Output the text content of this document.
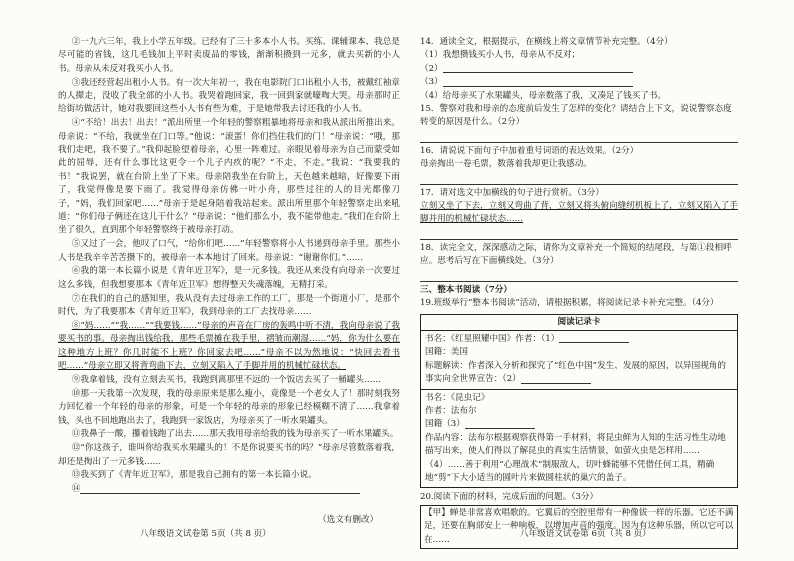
②一九六三年，我上小学五年级。已经有了三十多本小人书。买练、课辅课本、我总是尽可能的省钱，这几毛钱加上平时卖废品的零钱，渐渐积攒到一元多，就去买新的小人书。母亲从未反对我买小人书。

③我还经营起出租小人书。有一次大年初一，我在电影院门口出租小人书，被戴红袖章的人撵走，没收了我全部的小人书。我哭着跑回家，我一回到家就嚎啕大哭。母亲那时正给街坊做活计，她对我要回这些小人书有些为难，于是她带我去讨还我的小人书。

④“不给！出去！出去！”派出所里一个年轻的警察粗暴地将母亲和我从派出所推出来。母亲说：“不给，我就坐在门口等。”他说：“滚蛋！你们挡住我们的门！”母亲说：“哦，那我们走吧，我不要了。”我仰起脸望着母亲，心里一阵难过。亲眼见着母亲为自己而蒙受如此的屈辱，还有什么事比这更令一个儿子内疚的呢？“不走，不走。”我说：“我要我的书！”我说罢，就在台阶上坐了下来。母亲陪我坐在台阶上，天色越来越暗，好像要下雨了，我觉得像是要下雨了。我觉得母亲仿佛一叶小舟，那些过往的人的目光都像刀子，“妈，我们回家吧……”母亲于是起身陪着我站起来。派出所里那个年轻警察走出来吼道：“你们母子俩还在这儿干什么？”母亲说：“他们那么小，我不能带他走。”我们在台阶上坐了很久，直到那个年轻警察终于被母亲打动。

⑤又过了一会，他叹了口气，“给你们吧……”年轻警察将小人书递到母亲手里。那些小人书是我辛辛苦苦攒下的，被母亲一本本地讨了回来。母亲说：“谢谢你们。”……

⑥我的第一本长篇小说是《青年近卫军》，是一元多钱。我还从来没有向母亲一次要过这么多钱，但我想要那本《青年近卫军》想得整天失魂落魄，无精打采。

⑦在我们的自己的感知里，我从没有去过母亲工作的工厂，那是一个街道小厂，是那个时代，为了我要那本《青年近卫军》，我到母亲的工厂去找母亲……

⑧“妈……”“我……”“我要钱……”母亲的声音在厂房的轰鸣中听不清，我向母亲说了我要买书的事。母亲掏出钱给我，那些毛票摊在我手里，褶皱而潮湿……“妈，你为什么要在这种地方上班？你几时能不上班？你回家去吧……”母亲不以为然地说：“快回去看书吧……”母亲立即又将背弯曲下去，立刻又陷入了手脚并用的机械忙碌状态。

⑨我拿着钱，没有立刻去买书，我跑到离那里不远的一个饭店去买了一桶罐头……

⑩那一天我第一次发现，我的母亲原来是那么瘦小，竟像是一个老女人了！那时刻我努力回忆着一个年轻的母亲的形象，可是一个年轻的母亲的形象已经模糊不清了……我拿着钱，头也不回地跑出去了，我跑到一家饭店，为母亲买了一听水果罐头。

⑪我鼻子一酸，攥着钱跑了出去……那天我用母亲给我的钱为母亲买了一听水果罐头。

⑫“你这孩子，谁叫你给我买水果罐头的！不是你说要买书的吗？”母亲尽管数落着我，却还是掏出了一元多钱……

⑬我买到了《青年近卫军》，那是我自己拥有的第一本长篇小说。

⑭

（选文有删改）
八年级语文试卷第 5页（共 8 页）

14．通读全文，根据提示，在横线上将文章情节补充完整。（4分）

（1）我想攒钱买小人书，母亲从不反对；

（2）

（3）

（4）给母亲买了水果罐头，母亲数落了我，又凑足了钱买了书。

15．警察对我和母亲的态度前后发生了怎样的变化？请结合上下文，说说警察态度转变的原因是什么。（2分）

16．请说说下面句子中加着重号词语的表达效果。（2分）

母亲掏出一卷毛票，数落着我却更让我感动。

17．请对选文中加横线的句子进行赏析。（3分）

立刻又坐了下去，立刻又弯曲了背，立刻又将头俯向缝纫机板上了，立刻又陷入了手脚并用的机械忙碌状态……

18．读完全文，深深感动之际，请你为文章补充一个简短的结尾段，与第①段相呼应。思考后写在下面横线处。（3分）

三、整本书阅读（7分）

19.班级举行“整本书阅读”活动，请根据积累，将阅读记录卡补充完整。（4分）

阅读记录卡

书名：《红星照耀中国》作者：（1）

国籍：美国

标题解读：作者深入分析和探究了“红色中国”发生、发展的原因，以异国视角的事实向全世界宣告：（2）

书名：《昆虫记》

作者：法布尔

国籍（3）

作品内容：法布尔根据观察获得第一手材料，将昆虫鲜为人知的生活习性生动地描写出来，使人们得以了解昆虫的真实生活情景，如萤火虫是怎样用……（4）……善于利用“心理战术”制服敌人，切叶蜂能够不凭借任何工具，精确地“剪”下大小适当的圆叶片来做圆柱状的巢穴的盖子。

20.阅读下面的材料，完成后面的问题。（3分）

【甲】蝉是非常喜欢唱歌的。它翼后的空腔里带有一种像钹一样的乐器。它还不满足，还要在胸部安上一种响板，以增加声音的强度。因为有这种乐器，所以它可以在……

八年级语文试卷第 6页（共 8 页）
